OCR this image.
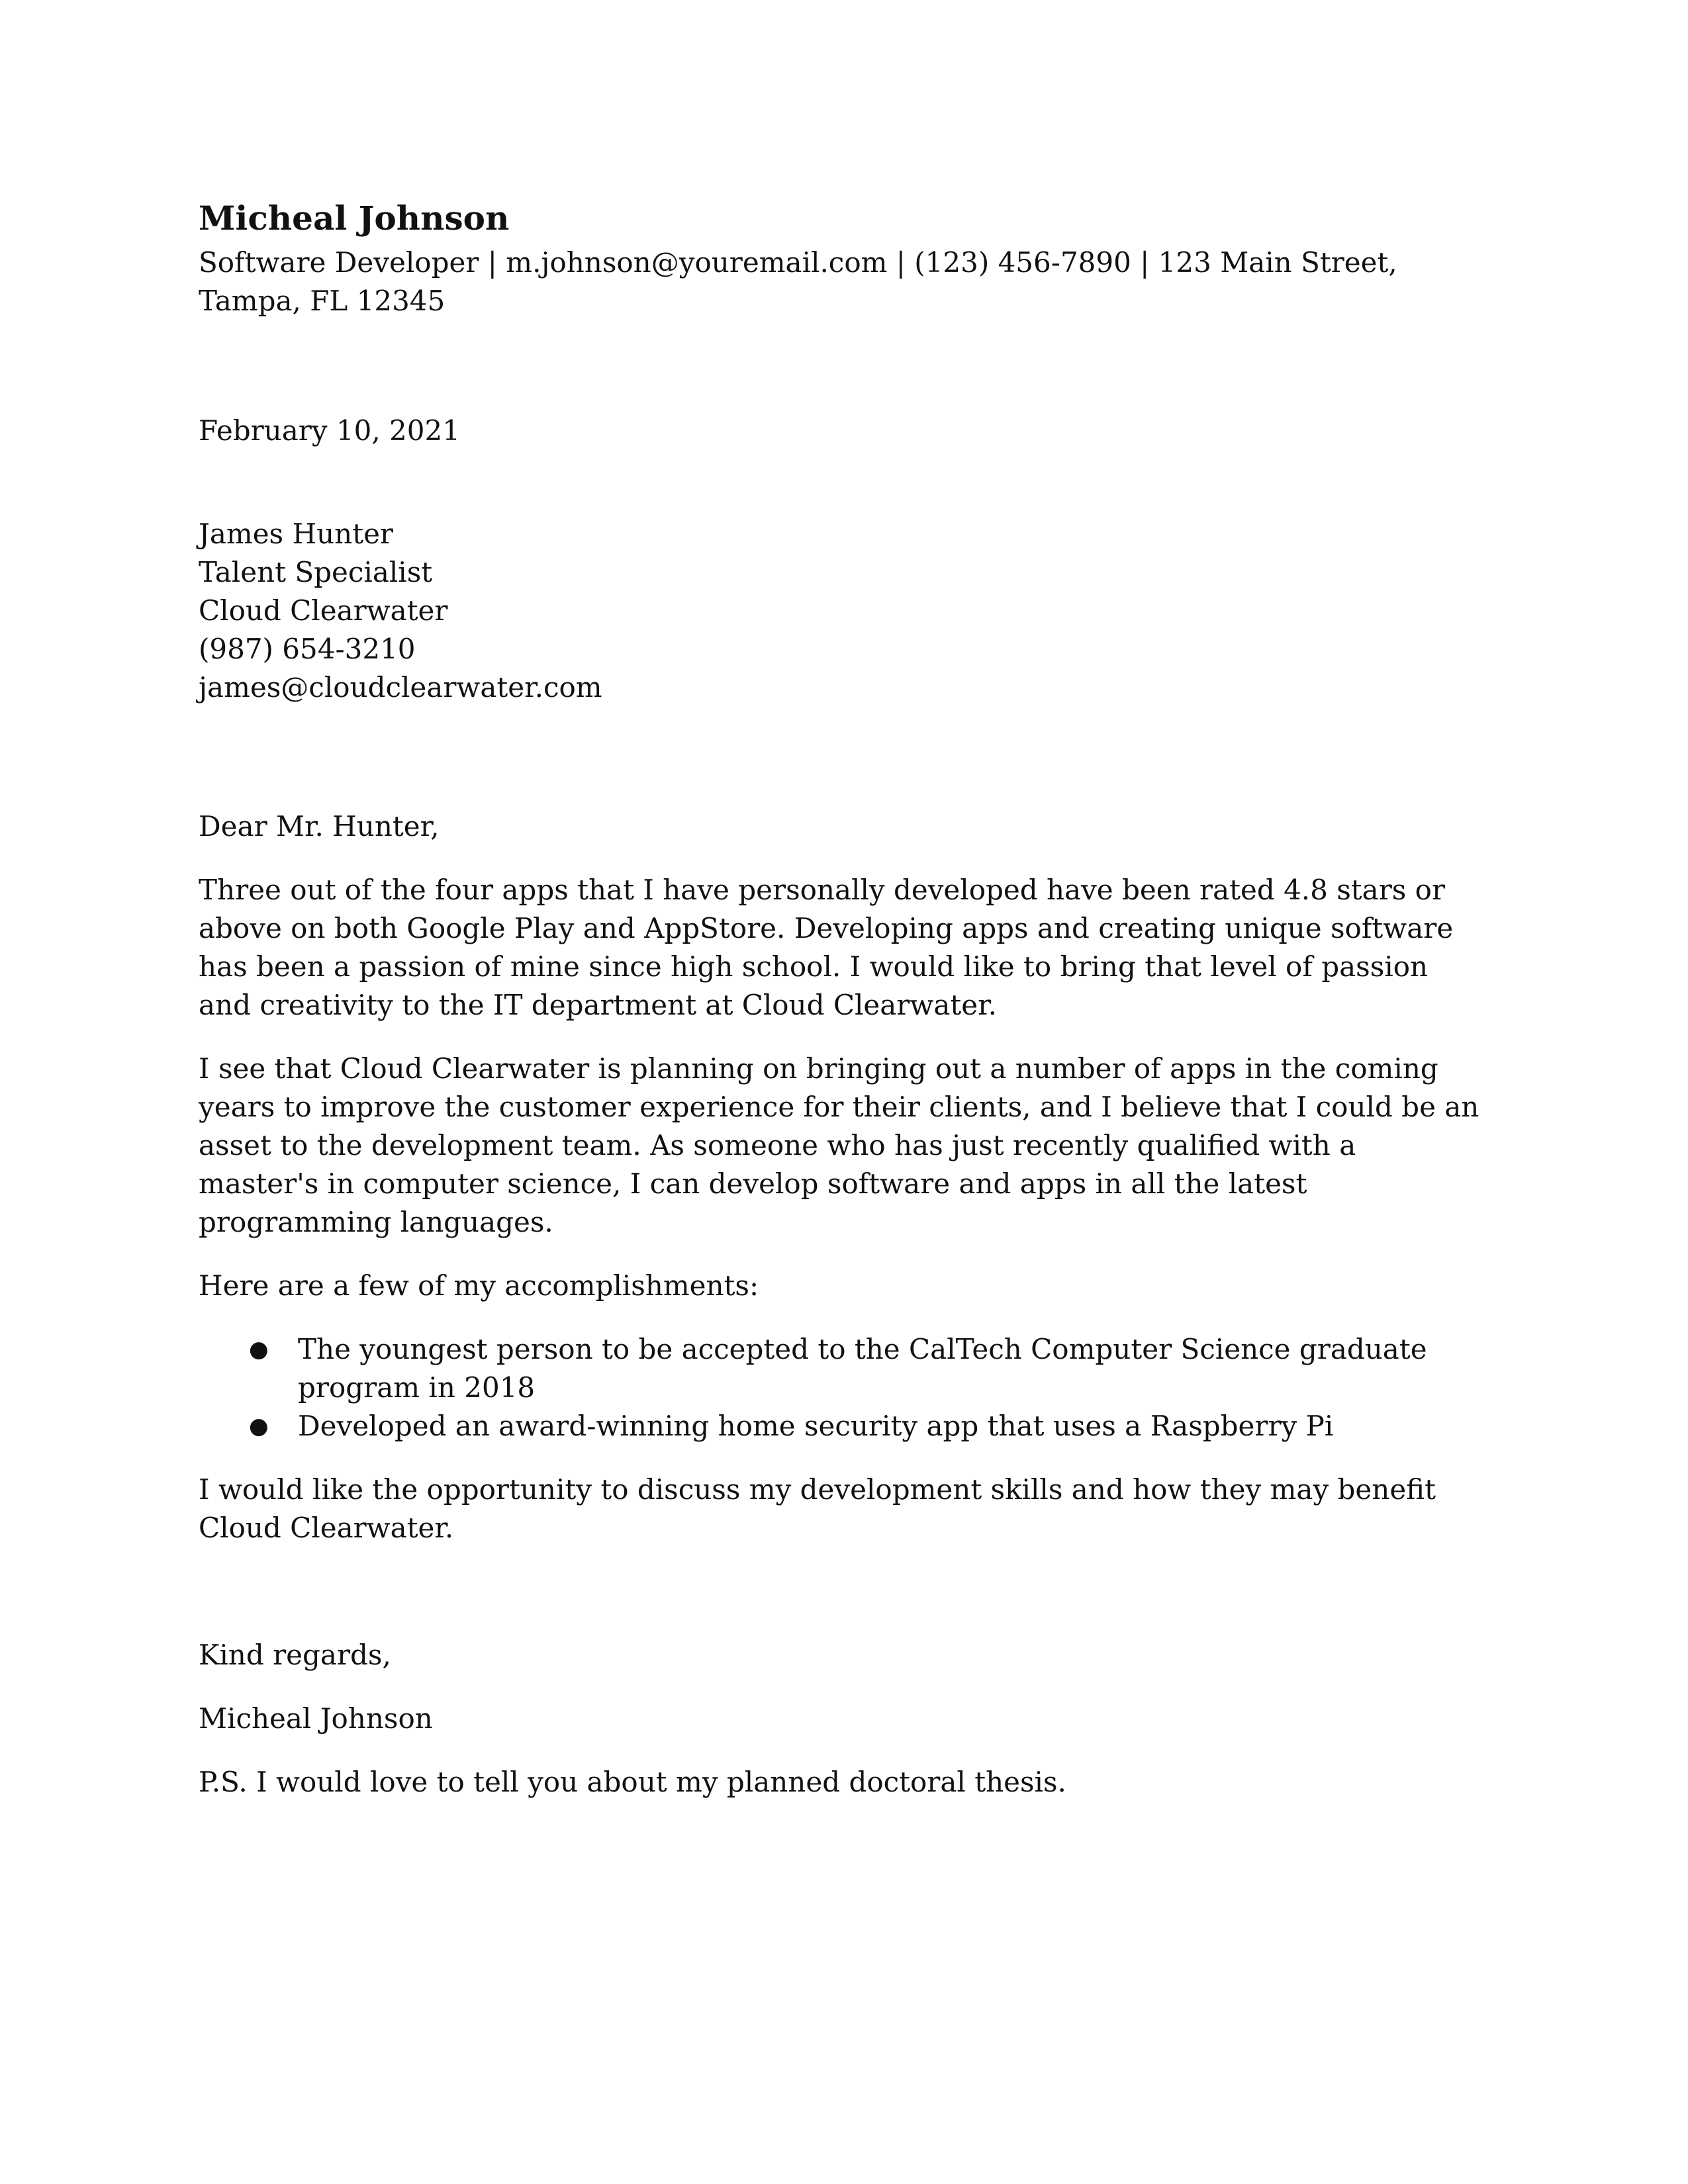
Micheal Johnson
Software Developer | m.johnson@youremail.com | (123) 456-7890 | 123 Main Street, Tampa, FL 12345
February 10, 2021
James Hunter
Talent Specialist
Cloud Clearwater
(987) 654-3210
james@cloudclearwater.com
Dear Mr. Hunter,

Three out of the four apps that I have personally developed have been rated 4.8 stars or above on both Google Play and AppStore. Developing apps and creating unique software has been a passion of mine since high school. I would like to bring that level of passion and creativity to the IT department at Cloud Clearwater.

I see that Cloud Clearwater is planning on bringing out a number of apps in the coming years to improve the customer experience for their clients, and I believe that I could be an asset to the development team. As someone who has just recently qualified with a master's in computer science, I can develop software and apps in all the latest programming languages.

Here are a few of my accomplishments:

● The youngest person to be accepted to the CalTech Computer Science graduate program in 2018
● Developed an award-winning home security app that uses a Raspberry Pi

I would like the opportunity to discuss my development skills and how they may benefit Cloud Clearwater.

Kind regards,
Micheal Johnson
P.S. I would love to tell you about my planned doctoral thesis.
